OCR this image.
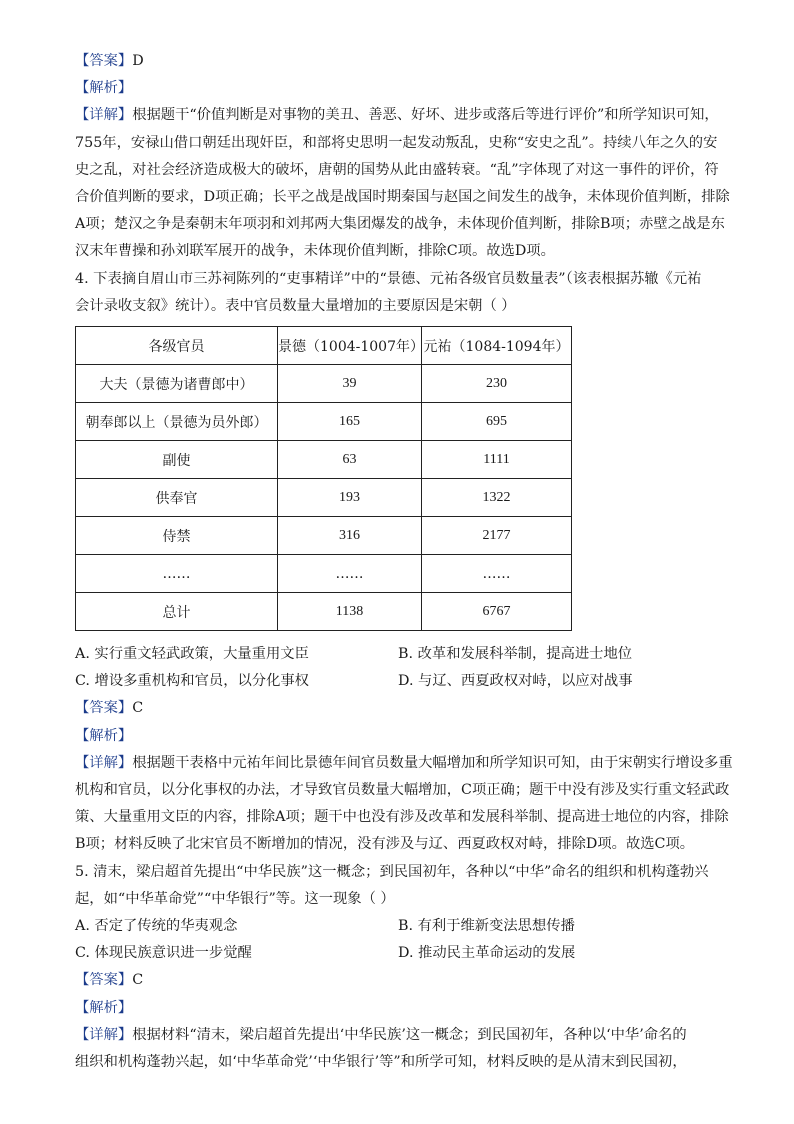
【答案】D
【解析】
【详解】根据题干“价值判断是对事物的美丑、善恶、好坏、进步或落后等进行评价”和所学知识可知，
755年，安禄山借口朝廷出现奸臣，和部将史思明一起发动叛乱，史称“安史之乱”。持续八年之久的安
史之乱，对社会经济造成极大的破坏，唐朝的国势从此由盛转衰。“乱”字体现了对这一事件的评价，符
合价值判断的要求，D项正确；长平之战是战国时期秦国与赵国之间发生的战争，未体现价值判断，排除
A项；楚汉之争是秦朝末年项羽和刘邦两大集团爆发的战争，未体现价值判断，排除B项；赤壁之战是东
汉末年曹操和孙刘联军展开的战争，未体现价值判断，排除C项。故选D项。
4. 下表摘自眉山市三苏祠陈列的“吏事精详”中的“景德、元祐各级官员数量表”（该表根据苏辙《元祐
会计录收支叙》统计）。表中官员数量大量增加的主要原因是宋朝（ ）
各级官员	景德（1004-1007年）	元祐（1084-1094年）
大夫（景德为诸曹郎中）	39	230
朝奉郎以上（景德为员外郎）	165	695
副使	63	1111
供奉官	193	1322
侍禁	316	2177
……	……	……
总计	1138	6767
A. 实行重文轻武政策，大量重用文臣	B. 改革和发展科举制，提高进士地位
C. 增设多重机构和官员，以分化事权	D. 与辽、西夏政权对峙，以应对战事
【答案】C
【解析】
【详解】根据题干表格中元祐年间比景德年间官员数量大幅增加和所学知识可知，由于宋朝实行增设多重
机构和官员，以分化事权的办法，才导致官员数量大幅增加，C项正确；题干中没有涉及实行重文轻武政
策、大量重用文臣的内容，排除A项；题干中也没有涉及改革和发展科举制、提高进士地位的内容，排除
B项；材料反映了北宋官员不断增加的情况，没有涉及与辽、西夏政权对峙，排除D项。故选C项。
5. 清末，梁启超首先提出“中华民族”这一概念；到民国初年，各种以“中华”命名的组织和机构蓬勃兴
起，如“中华革命党”“中华银行”等。这一现象（ ）
A. 否定了传统的华夷观念	B. 有利于维新变法思想传播
C. 体现民族意识进一步觉醒	D. 推动民主革命运动的发展
【答案】C
【解析】
【详解】根据材料“清末，梁启超首先提出‘中华民族’这一概念；到民国初年，各种以‘中华’命名的
组织和机构蓬勃兴起，如‘中华革命党’‘中华银行’等”和所学可知，材料反映的是从清末到民国初，
